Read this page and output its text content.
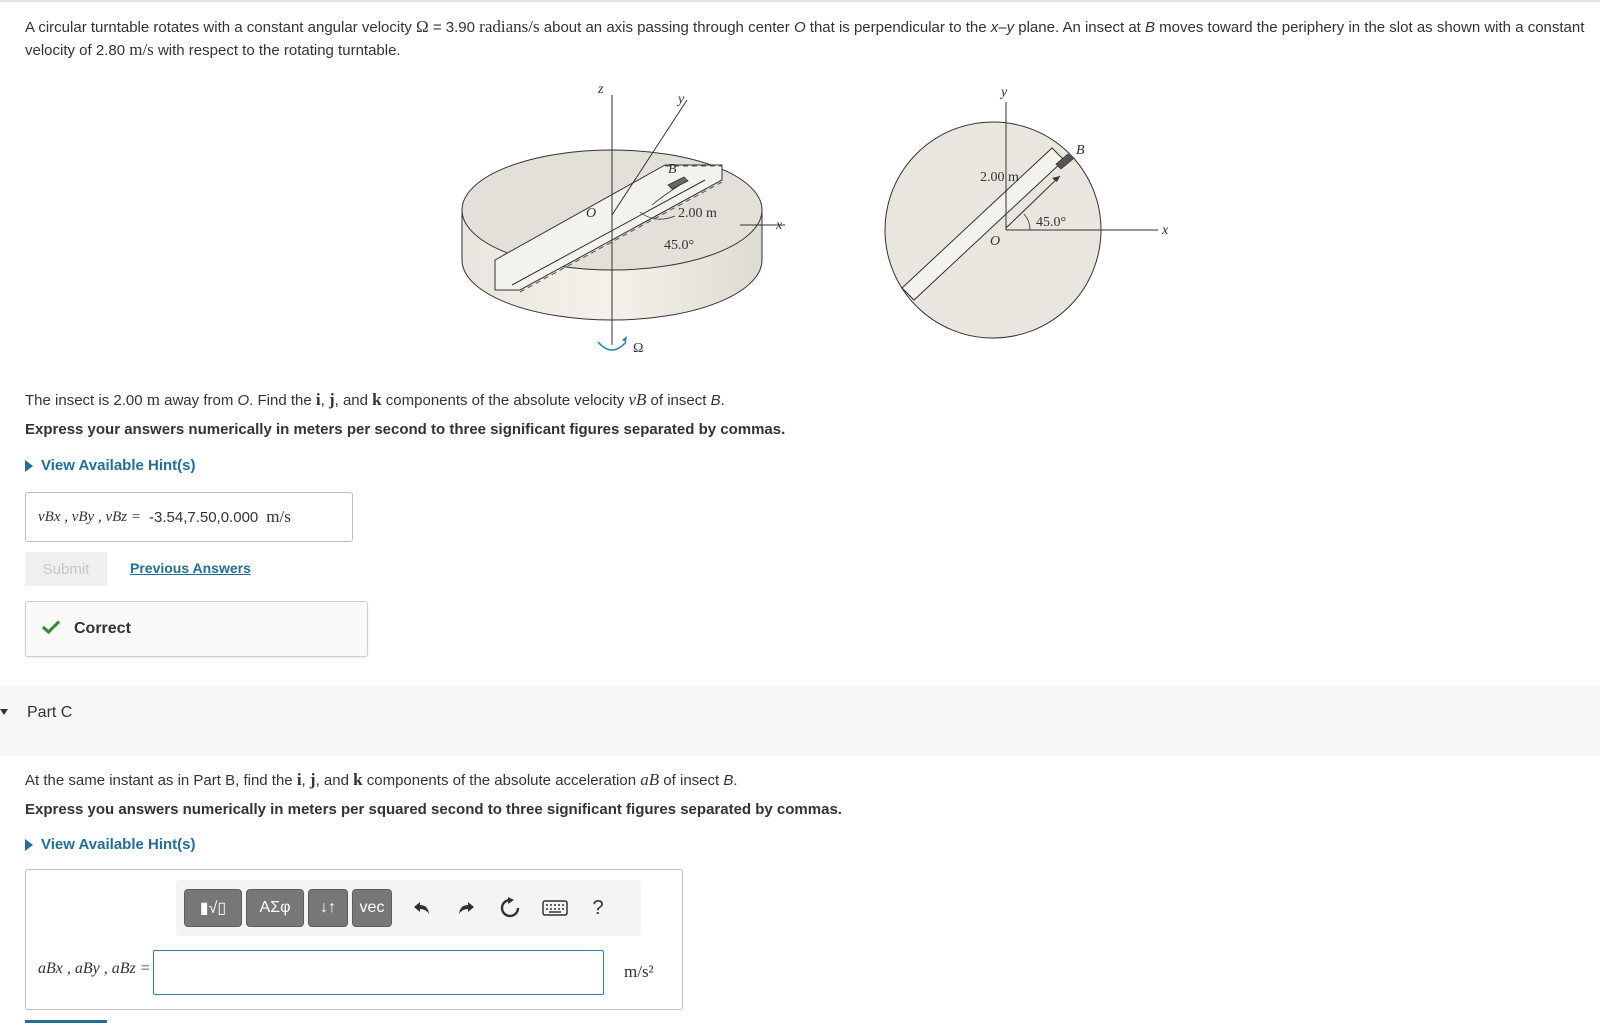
A circular turntable rotates with a constant angular velocity Ω = 3.90 radians/s about an axis passing through center O that is perpendicular to the x–y plane. An insect at B moves toward the periphery in the slot as shown with a constant velocity of 2.80 m/s with respect to the rotating turntable.
z
y
x
O
B
2.00 m
45.0°
Ω
y
x
O
B
2.00 m
45.0°
The insect is 2.00 m away from O. Find the i, j, and k components of the absolute velocity vB of insect B.
Express your answers numerically in meters per second to three significant figures separated by commas.
View Available Hint(s)
vBx , vBy , vBz = -3.54,7.50,0.000 m/s
Submit	Previous Answers
Correct
Part C
At the same instant as in Part B, find the i, j, and k components of the absolute acceleration aB of insect B.
Express you answers numerically in meters per squared second to three significant figures separated by commas.
View Available Hint(s)
▮√▯	ΑΣφ	↓↑	vec	?
aBx , aBy , aBz =	m/s²
